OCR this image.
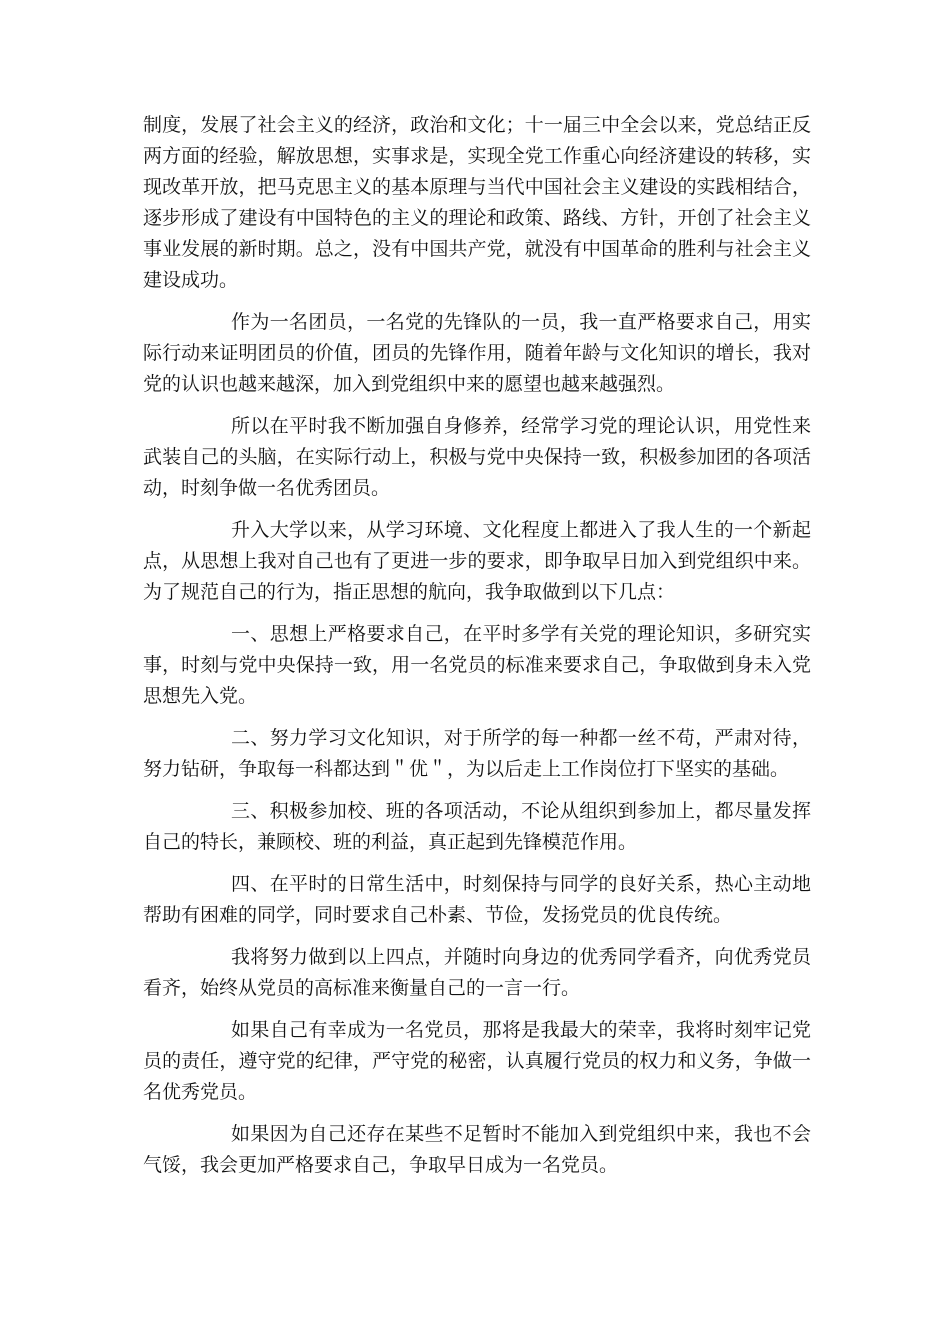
制度，发展了社会主义的经济，政治和文化；十一届三中全会以来，党总结正反两方面的经验，解放思想，实事求是，实现全党工作重心向经济建设的转移，实现改革开放，把马克思主义的基本原理与当代中国社会主义建设的实践相结合，逐步形成了建设有中国特色的主义的理论和政策、路线、方针，开创了社会主义事业发展的新时期。总之，没有中国共产党，就没有中国革命的胜利与社会主义建设成功。

作为一名团员，一名党的先锋队的一员，我一直严格要求自己，用实际行动来证明团员的价值，团员的先锋作用，随着年龄与文化知识的增长，我对党的认识也越来越深，加入到党组织中来的愿望也越来越强烈。

所以在平时我不断加强自身修养，经常学习党的理论认识，用党性来武装自己的头脑，在实际行动上，积极与党中央保持一致，积极参加团的各项活动，时刻争做一名优秀团员。

升入大学以来，从学习环境、文化程度上都进入了我人生的一个新起点，从思想上我对自己也有了更进一步的要求，即争取早日加入到党组织中来。为了规范自己的行为，指正思想的航向，我争取做到以下几点：

一、思想上严格要求自己，在平时多学有关党的理论知识，多研究实事，时刻与党中央保持一致，用一名党员的标准来要求自己，争取做到身未入党思想先入党。

二、努力学习文化知识，对于所学的每一种都一丝不苟，严肃对待，努力钻研，争取每一科都达到＂优＂，为以后走上工作岗位打下坚实的基础。

三、积极参加校、班的各项活动，不论从组织到参加上，都尽量发挥自己的特长，兼顾校、班的利益，真正起到先锋模范作用。

四、在平时的日常生活中，时刻保持与同学的良好关系，热心主动地帮助有困难的同学，同时要求自己朴素、节俭，发扬党员的优良传统。

我将努力做到以上四点，并随时向身边的优秀同学看齐，向优秀党员看齐，始终从党员的高标准来衡量自己的一言一行。

如果自己有幸成为一名党员，那将是我最大的荣幸，我将时刻牢记党员的责任，遵守党的纪律，严守党的秘密，认真履行党员的权力和义务，争做一名优秀党员。

如果因为自己还存在某些不足暂时不能加入到党组织中来，我也不会气馁，我会更加严格要求自己，争取早日成为一名党员。
